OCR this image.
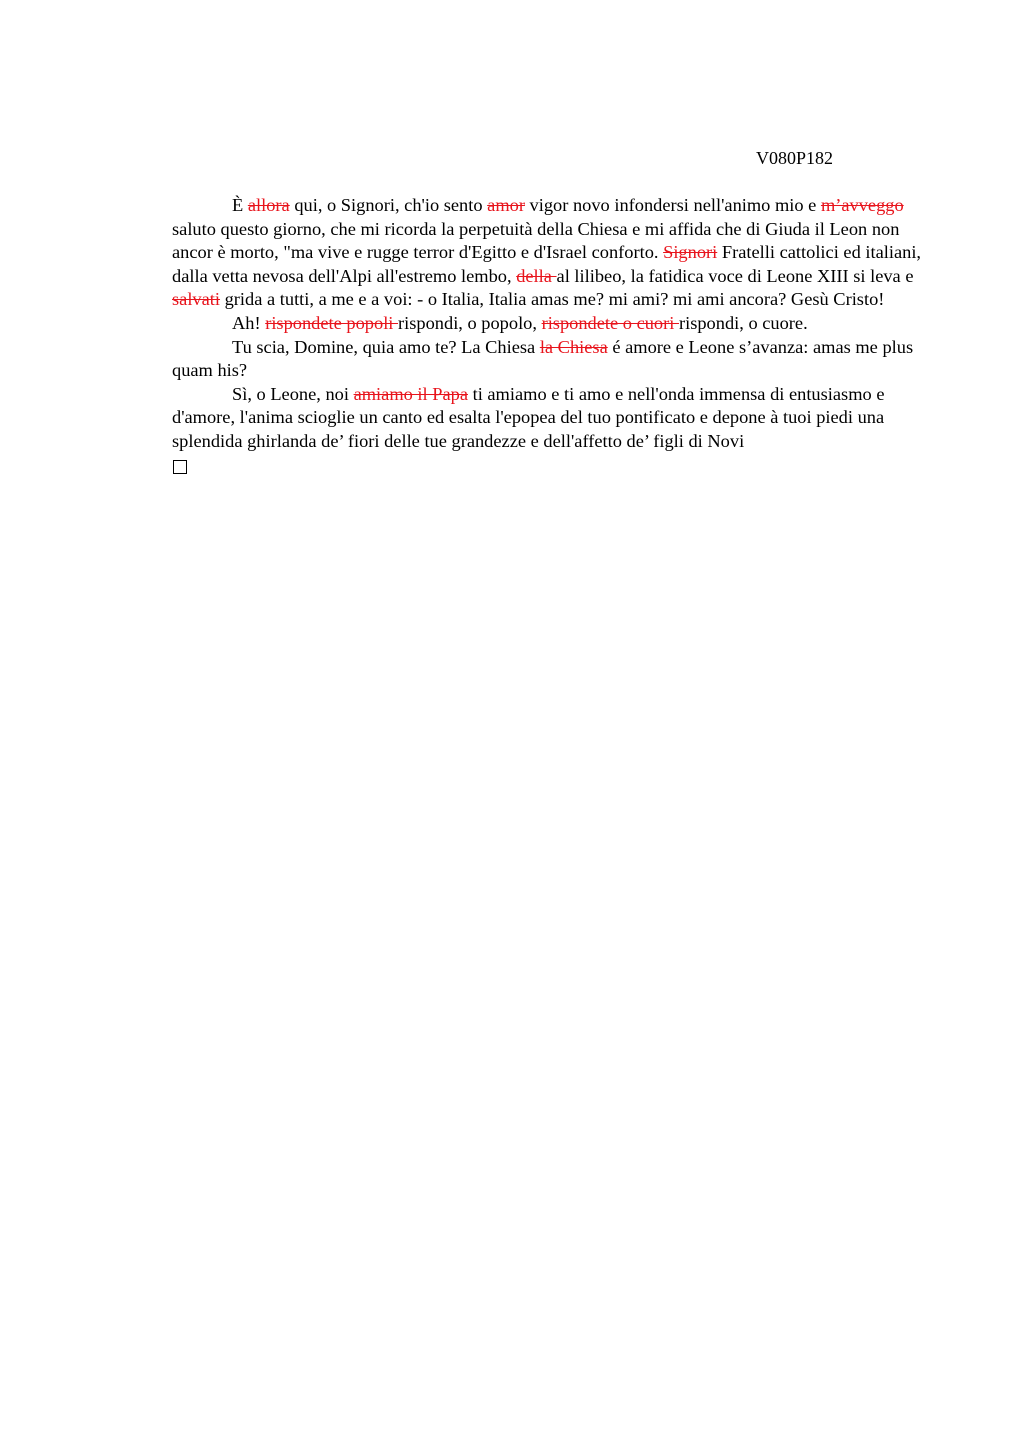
V080P182

È allora qui, o Signori, ch'io sento amor vigor novo infondersi nell'animo mio e m’avveggo saluto questo giorno, che mi ricorda la perpetuità della Chiesa e mi affida che di Giuda il Leon non ancor è morto, "ma vive e rugge terror d'Egitto e d'Israel conforto. Signori Fratelli cattolici ed italiani, dalla vetta nevosa dell'Alpi all'estremo lembo, della al lilibeo, la fatidica voce di Leone XIII si leva e salvati grida a tutti, a me e a voi: - o Italia, Italia amas me? mi ami? mi ami ancora? Gesù Cristo!

Ah! rispondete popoli rispondi, o popolo, rispondete o cuori rispondi, o cuore.

Tu scia, Domine, quia amo te? La Chiesa la Chiesa é amore e Leone s’avanza: amas me plus quam his?

Sì, o Leone, noi amiamo il Papa ti amiamo e ti amo e nell'onda immensa di entusiasmo e d'amore, l'anima scioglie un canto ed esalta l'epopea del tuo pontificato e depone à tuoi piedi una splendida ghirlanda de’ fiori delle tue grandezze e dell'affetto de’ figli di Novi
